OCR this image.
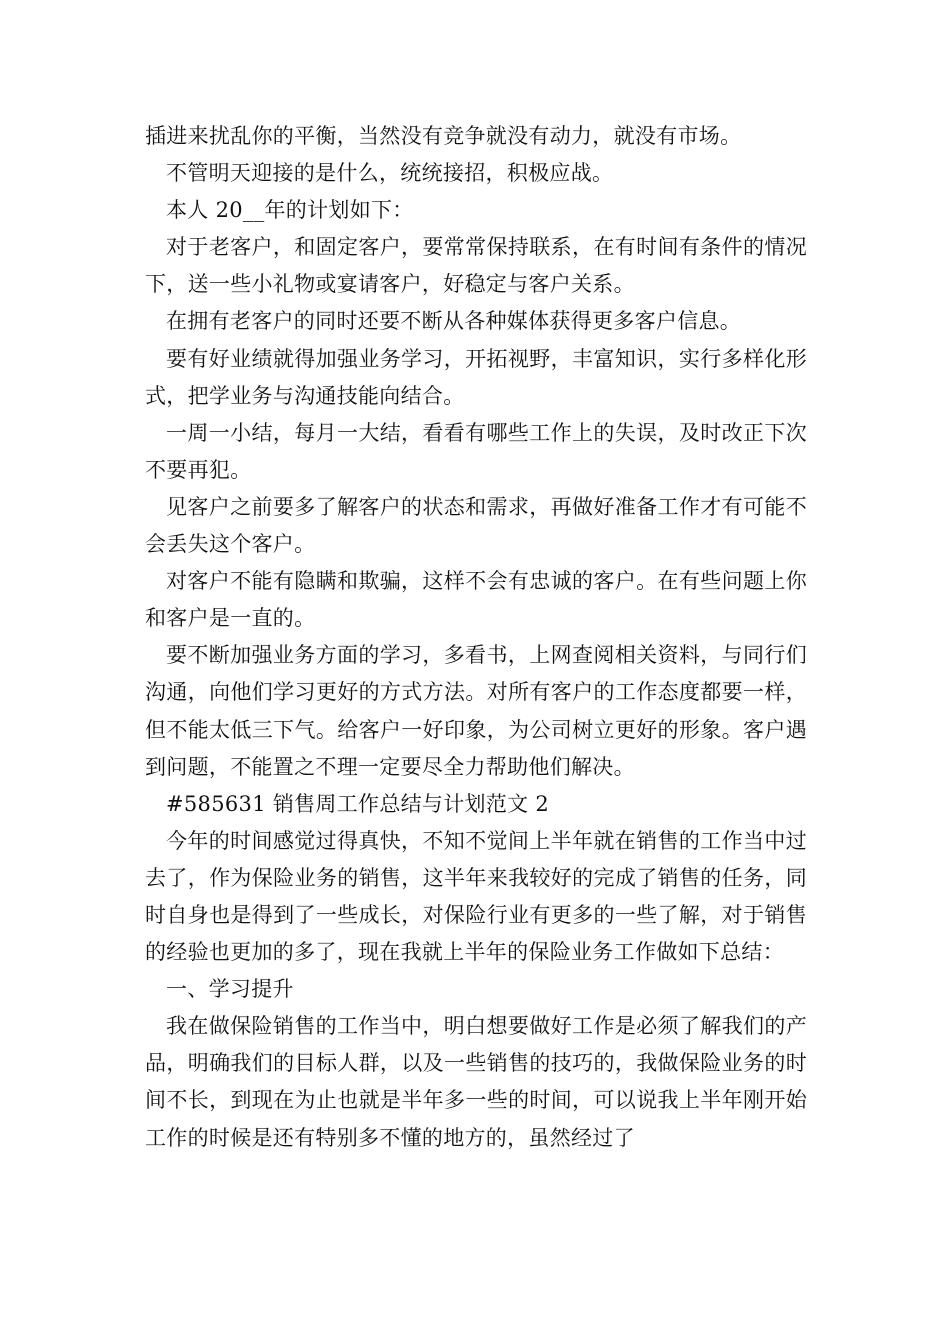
插进来扰乱你的平衡，当然没有竞争就没有动力，就没有市场。

不管明天迎接的是什么，统统接招，积极应战。

本人 20__年的计划如下：

对于老客户，和固定客户，要常常保持联系，在有时间有条件的情况下，送一些小礼物或宴请客户，好稳定与客户关系。

在拥有老客户的同时还要不断从各种媒体获得更多客户信息。

要有好业绩就得加强业务学习，开拓视野，丰富知识，实行多样化形式，把学业务与沟通技能向结合。

一周一小结，每月一大结，看看有哪些工作上的失误，及时改正下次不要再犯。

见客户之前要多了解客户的状态和需求，再做好准备工作才有可能不会丢失这个客户。

对客户不能有隐瞒和欺骗，这样不会有忠诚的客户。在有些问题上你和客户是一直的。

要不断加强业务方面的学习，多看书，上网查阅相关资料，与同行们沟通，向他们学习更好的方式方法。对所有客户的工作态度都要一样，但不能太低三下气。给客户一好印象，为公司树立更好的形象。客户遇到问题，不能置之不理一定要尽全力帮助他们解决。

#585631 销售周工作总结与计划范文 2

今年的时间感觉过得真快，不知不觉间上半年就在销售的工作当中过去了，作为保险业务的销售，这半年来我较好的完成了销售的任务，同时自身也是得到了一些成长，对保险行业有更多的一些了解，对于销售的经验也更加的多了，现在我就上半年的保险业务工作做如下总结：

一、学习提升

我在做保险销售的工作当中，明白想要做好工作是必须了解我们的产品，明确我们的目标人群，以及一些销售的技巧的，我做保险业务的时间不长，到现在为止也就是半年多一些的时间，可以说我上半年刚开始工作的时候是还有特别多不懂的地方的，虽然经过了
